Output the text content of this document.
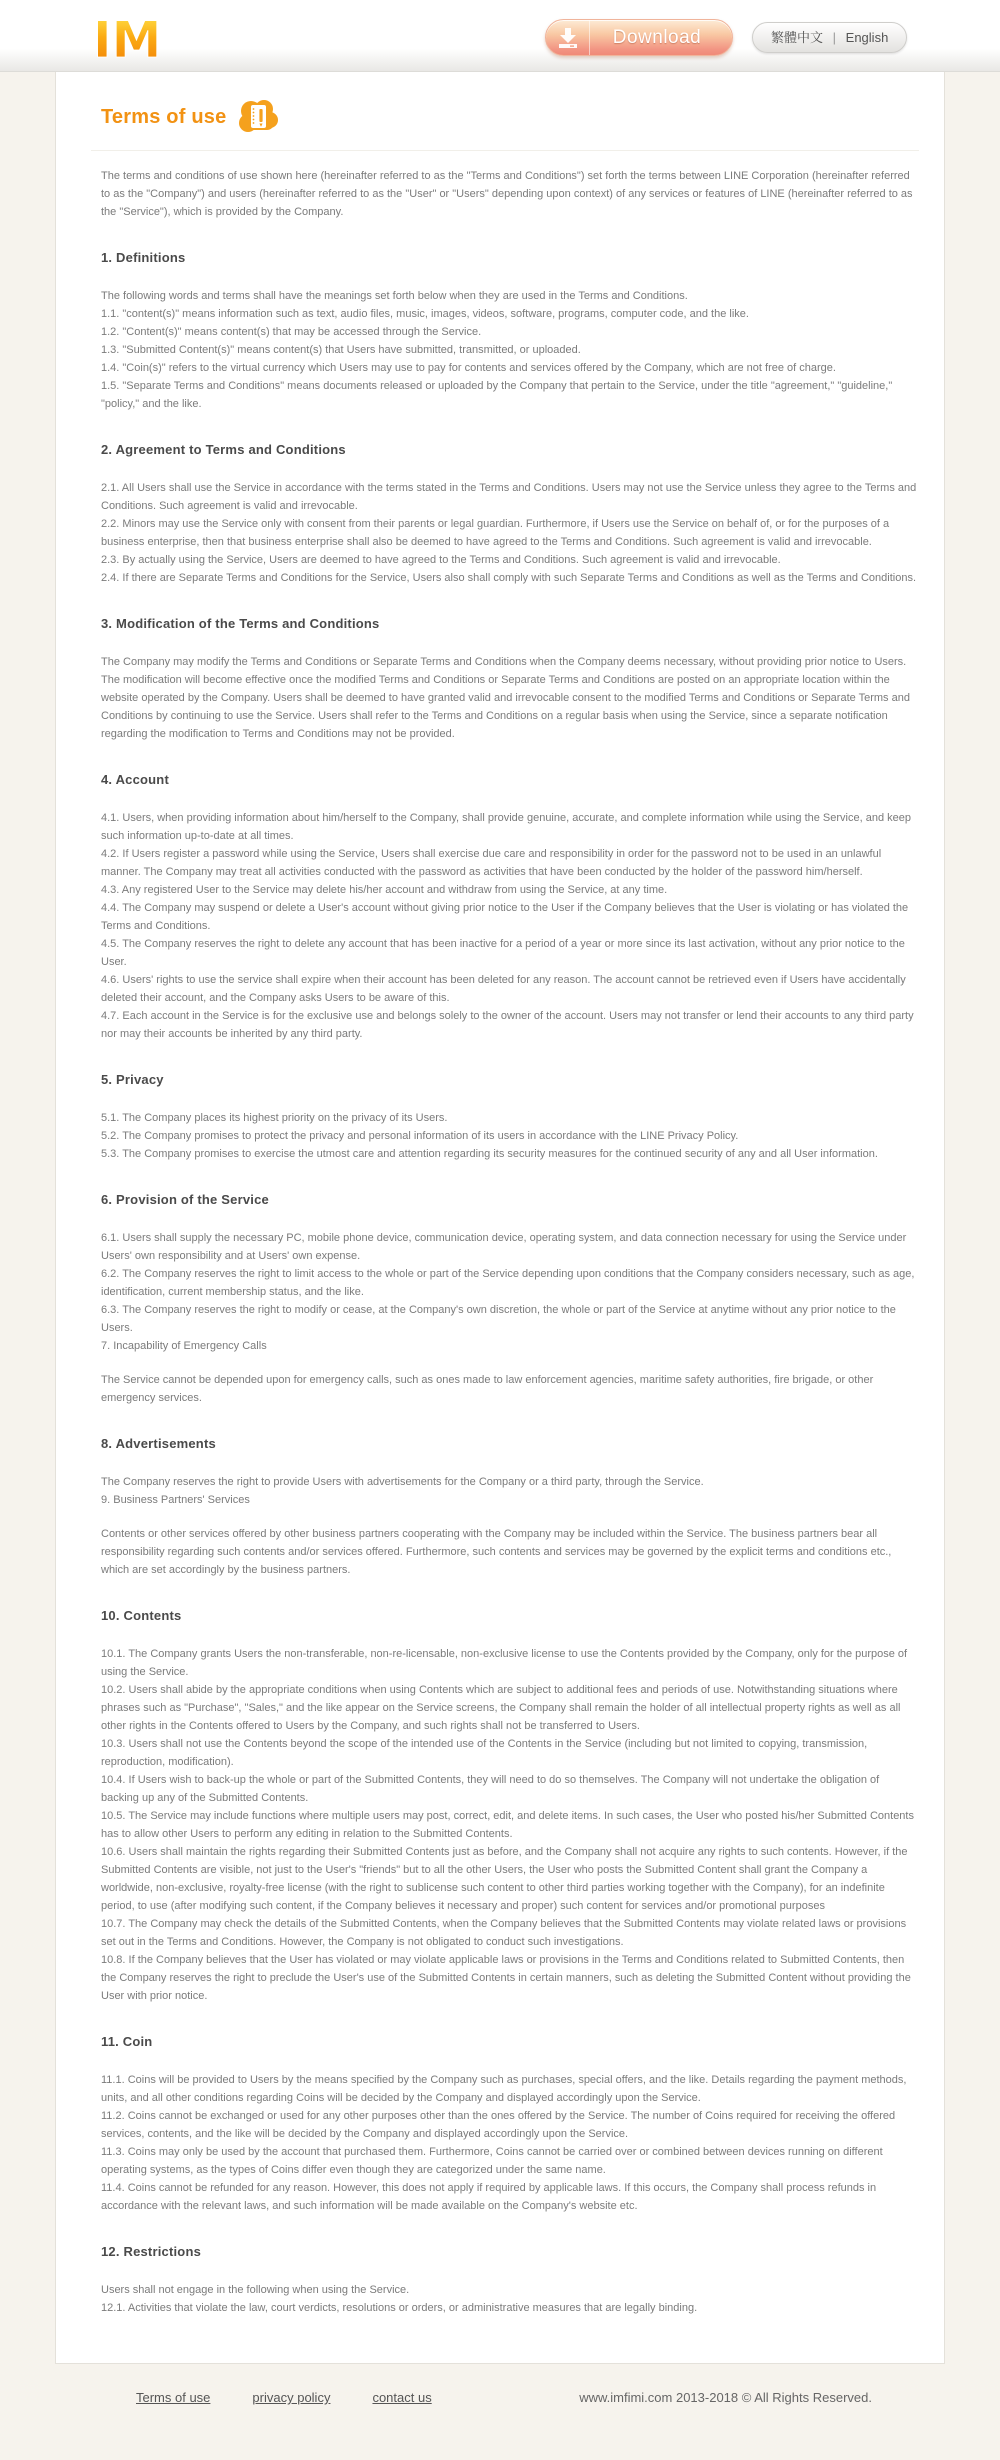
IM	Download	繁體中文 | English
Terms of use

The terms and conditions of use shown here (hereinafter referred to as the "Terms and Conditions") set forth the terms between LINE Corporation (hereinafter referred to as the "Company") and users (hereinafter referred to as the "User" or "Users" depending upon context) of any services or features of LINE (hereinafter referred to as the "Service"), which is provided by the Company.

1. Definitions

The following words and terms shall have the meanings set forth below when they are used in the Terms and Conditions.

1.1. "content(s)" means information such as text, audio files, music, images, videos, software, programs, computer code, and the like.

1.2. "Content(s)" means content(s) that may be accessed through the Service.

1.3. "Submitted Content(s)" means content(s) that Users have submitted, transmitted, or uploaded.

1.4. "Coin(s)" refers to the virtual currency which Users may use to pay for contents and services offered by the Company, which are not free of charge.

1.5. "Separate Terms and Conditions" means documents released or uploaded by the Company that pertain to the Service, under the title "agreement," "guideline," "policy," and the like.

2. Agreement to Terms and Conditions

2.1. All Users shall use the Service in accordance with the terms stated in the Terms and Conditions. Users may not use the Service unless they agree to the Terms and Conditions. Such agreement is valid and irrevocable.

2.2. Minors may use the Service only with consent from their parents or legal guardian. Furthermore, if Users use the Service on behalf of, or for the purposes of a business enterprise, then that business enterprise shall also be deemed to have agreed to the Terms and Conditions. Such agreement is valid and irrevocable.

2.3. By actually using the Service, Users are deemed to have agreed to the Terms and Conditions. Such agreement is valid and irrevocable.

2.4. If there are Separate Terms and Conditions for the Service, Users also shall comply with such Separate Terms and Conditions as well as the Terms and Conditions.

3. Modification of the Terms and Conditions

The Company may modify the Terms and Conditions or Separate Terms and Conditions when the Company deems necessary, without providing prior notice to Users. The modification will become effective once the modified Terms and Conditions or Separate Terms and Conditions are posted on an appropriate location within the website operated by the Company. Users shall be deemed to have granted valid and irrevocable consent to the modified Terms and Conditions or Separate Terms and Conditions by continuing to use the Service. Users shall refer to the Terms and Conditions on a regular basis when using the Service, since a separate notification regarding the modification to Terms and Conditions may not be provided.

4. Account

4.1. Users, when providing information about him/herself to the Company, shall provide genuine, accurate, and complete information while using the Service, and keep such information up-to-date at all times.

4.2. If Users register a password while using the Service, Users shall exercise due care and responsibility in order for the password not to be used in an unlawful manner. The Company may treat all activities conducted with the password as activities that have been conducted by the holder of the password him/herself.

4.3. Any registered User to the Service may delete his/her account and withdraw from using the Service, at any time.

4.4. The Company may suspend or delete a User's account without giving prior notice to the User if the Company believes that the User is violating or has violated the Terms and Conditions.

4.5. The Company reserves the right to delete any account that has been inactive for a period of a year or more since its last activation, without any prior notice to the User.

4.6. Users' rights to use the service shall expire when their account has been deleted for any reason. The account cannot be retrieved even if Users have accidentally deleted their account, and the Company asks Users to be aware of this.

4.7. Each account in the Service is for the exclusive use and belongs solely to the owner of the account. Users may not transfer or lend their accounts to any third party nor may their accounts be inherited by any third party.

5. Privacy

5.1. The Company places its highest priority on the privacy of its Users.

5.2. The Company promises to protect the privacy and personal information of its users in accordance with the LINE Privacy Policy.

5.3. The Company promises to exercise the utmost care and attention regarding its security measures for the continued security of any and all User information.

6. Provision of the Service

6.1. Users shall supply the necessary PC, mobile phone device, communication device, operating system, and data connection necessary for using the Service under Users' own responsibility and at Users' own expense.

6.2. The Company reserves the right to limit access to the whole or part of the Service depending upon conditions that the Company considers necessary, such as age, identification, current membership status, and the like.

6.3. The Company reserves the right to modify or cease, at the Company's own discretion, the whole or part of the Service at anytime without any prior notice to the Users.

7. Incapability of Emergency Calls

The Service cannot be depended upon for emergency calls, such as ones made to law enforcement agencies, maritime safety authorities, fire brigade, or other emergency services.

8. Advertisements

The Company reserves the right to provide Users with advertisements for the Company or a third party, through the Service.

9. Business Partners' Services

Contents or other services offered by other business partners cooperating with the Company may be included within the Service. The business partners bear all responsibility regarding such contents and/or services offered. Furthermore, such contents and services may be governed by the explicit terms and conditions etc., which are set accordingly by the business partners.

10. Contents

10.1. The Company grants Users the non-transferable, non-re-licensable, non-exclusive license to use the Contents provided by the Company, only for the purpose of using the Service.

10.2. Users shall abide by the appropriate conditions when using Contents which are subject to additional fees and periods of use. Notwithstanding situations where phrases such as "Purchase", "Sales," and the like appear on the Service screens, the Company shall remain the holder of all intellectual property rights as well as all other rights in the Contents offered to Users by the Company, and such rights shall not be transferred to Users.

10.3. Users shall not use the Contents beyond the scope of the intended use of the Contents in the Service (including but not limited to copying, transmission, reproduction, modification).

10.4. If Users wish to back-up the whole or part of the Submitted Contents, they will need to do so themselves. The Company will not undertake the obligation of backing up any of the Submitted Contents.

10.5. The Service may include functions where multiple users may post, correct, edit, and delete items. In such cases, the User who posted his/her Submitted Contents has to allow other Users to perform any editing in relation to the Submitted Contents.

10.6. Users shall maintain the rights regarding their Submitted Contents just as before, and the Company shall not acquire any rights to such contents. However, if the Submitted Contents are visible, not just to the User's "friends" but to all the other Users, the User who posts the Submitted Content shall grant the Company a worldwide, non-exclusive, royalty-free license (with the right to sublicense such content to other third parties working together with the Company), for an indefinite period, to use (after modifying such content, if the Company believes it necessary and proper) such content for services and/or promotional purposes

10.7. The Company may check the details of the Submitted Contents, when the Company believes that the Submitted Contents may violate related laws or provisions set out in the Terms and Conditions. However, the Company is not obligated to conduct such investigations.

10.8. If the Company believes that the User has violated or may violate applicable laws or provisions in the Terms and Conditions related to Submitted Contents, then the Company reserves the right to preclude the User's use of the Submitted Contents in certain manners, such as deleting the Submitted Content without providing the User with prior notice.

11. Coin

11.1. Coins will be provided to Users by the means specified by the Company such as purchases, special offers, and the like. Details regarding the payment methods, units, and all other conditions regarding Coins will be decided by the Company and displayed accordingly upon the Service.

11.2. Coins cannot be exchanged or used for any other purposes other than the ones offered by the Service. The number of Coins required for receiving the offered services, contents, and the like will be decided by the Company and displayed accordingly upon the Service.

11.3. Coins may only be used by the account that purchased them. Furthermore, Coins cannot be carried over or combined between devices running on different operating systems, as the types of Coins differ even though they are categorized under the same name.

11.4. Coins cannot be refunded for any reason. However, this does not apply if required by applicable laws. If this occurs, the Company shall process refunds in accordance with the relevant laws, and such information will be made available on the Company's website etc.

12. Restrictions

Users shall not engage in the following when using the Service.

12.1. Activities that violate the law, court verdicts, resolutions or orders, or administrative measures that are legally binding.

Terms of use	privacy policy	contact us	www.imfimi.com 2013-2018 © All Rights Reserved.
